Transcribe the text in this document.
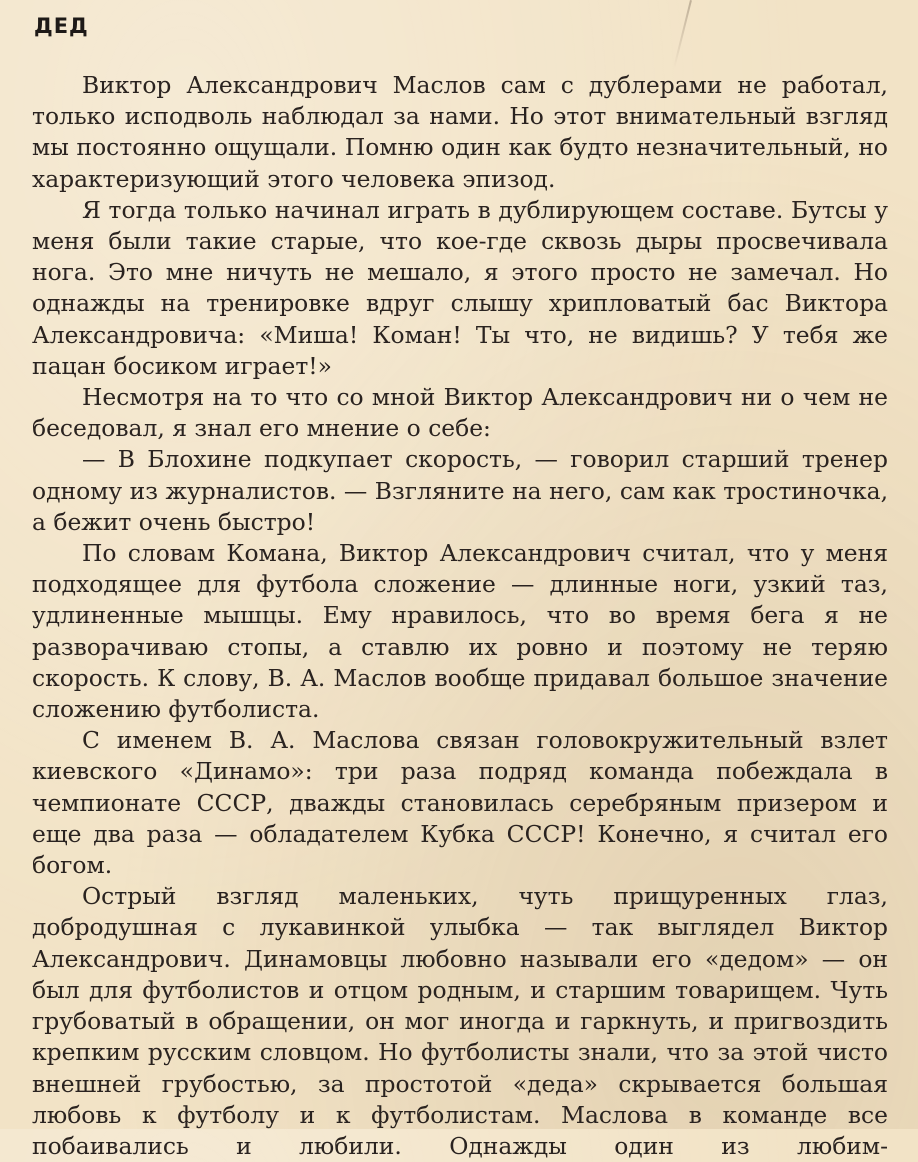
ДЕД

Виктор Александрович Маслов сам с дублерами не работал, только исподволь наблюдал за нами. Но этот внимательный взгляд мы постоянно ощущали. Помню один как будто незначительный, но характеризующий этого человека эпизод.

Я тогда только начинал играть в дублирующем составе. Бутсы у меня были такие старые, что кое-где сквозь дыры просвечивала нога. Это мне ничуть не мешало, я этого просто не замечал. Но однажды на тренировке вдруг слышу хрипловатый бас Виктора Александровича: «Миша! Коман! Ты что, не видишь? У тебя же пацан босиком играет!»

Несмотря на то что со мной Виктор Александрович ни о чем не беседовал, я знал его мнение о себе:

— В Блохине подкупает скорость, — говорил старший тренер одному из журналистов. — Взгляните на него, сам как тростиночка, а бежит очень быстро!

По словам Комана, Виктор Александрович считал, что у меня подходящее для футбола сложение — длинные ноги, узкий таз, удлиненные мышцы. Ему нравилось, что во время бега я не разворачиваю стопы, а ставлю их ровно и поэтому не теряю скорость. К слову, В. А. Маслов вообще придавал большое значение сложению футболиста.

С именем В. А. Маслова связан головокружительный взлет киевского «Динамо»: три раза подряд команда побеждала в чемпионате СССР, дважды становилась серебряным призером и еще два раза — обладателем Кубка СССР! Конечно, я считал его богом.

Острый взгляд маленьких, чуть прищуренных глаз, добродушная с лукавинкой улыбка — так выглядел Виктор Александрович. Динамовцы любовно называли его «дедом» — он был для футболистов и отцом родным, и старшим товарищем. Чуть грубоватый в обращении, он мог иногда и гаркнуть, и пригвоздить крепким русским словцом. Но футболисты знали, что за этой чисто внешней грубостью, за простотой «деда» скрывается большая любовь к футболу и к футболистам. Маслова в команде все побаивались и любили. Однажды один из любим-
